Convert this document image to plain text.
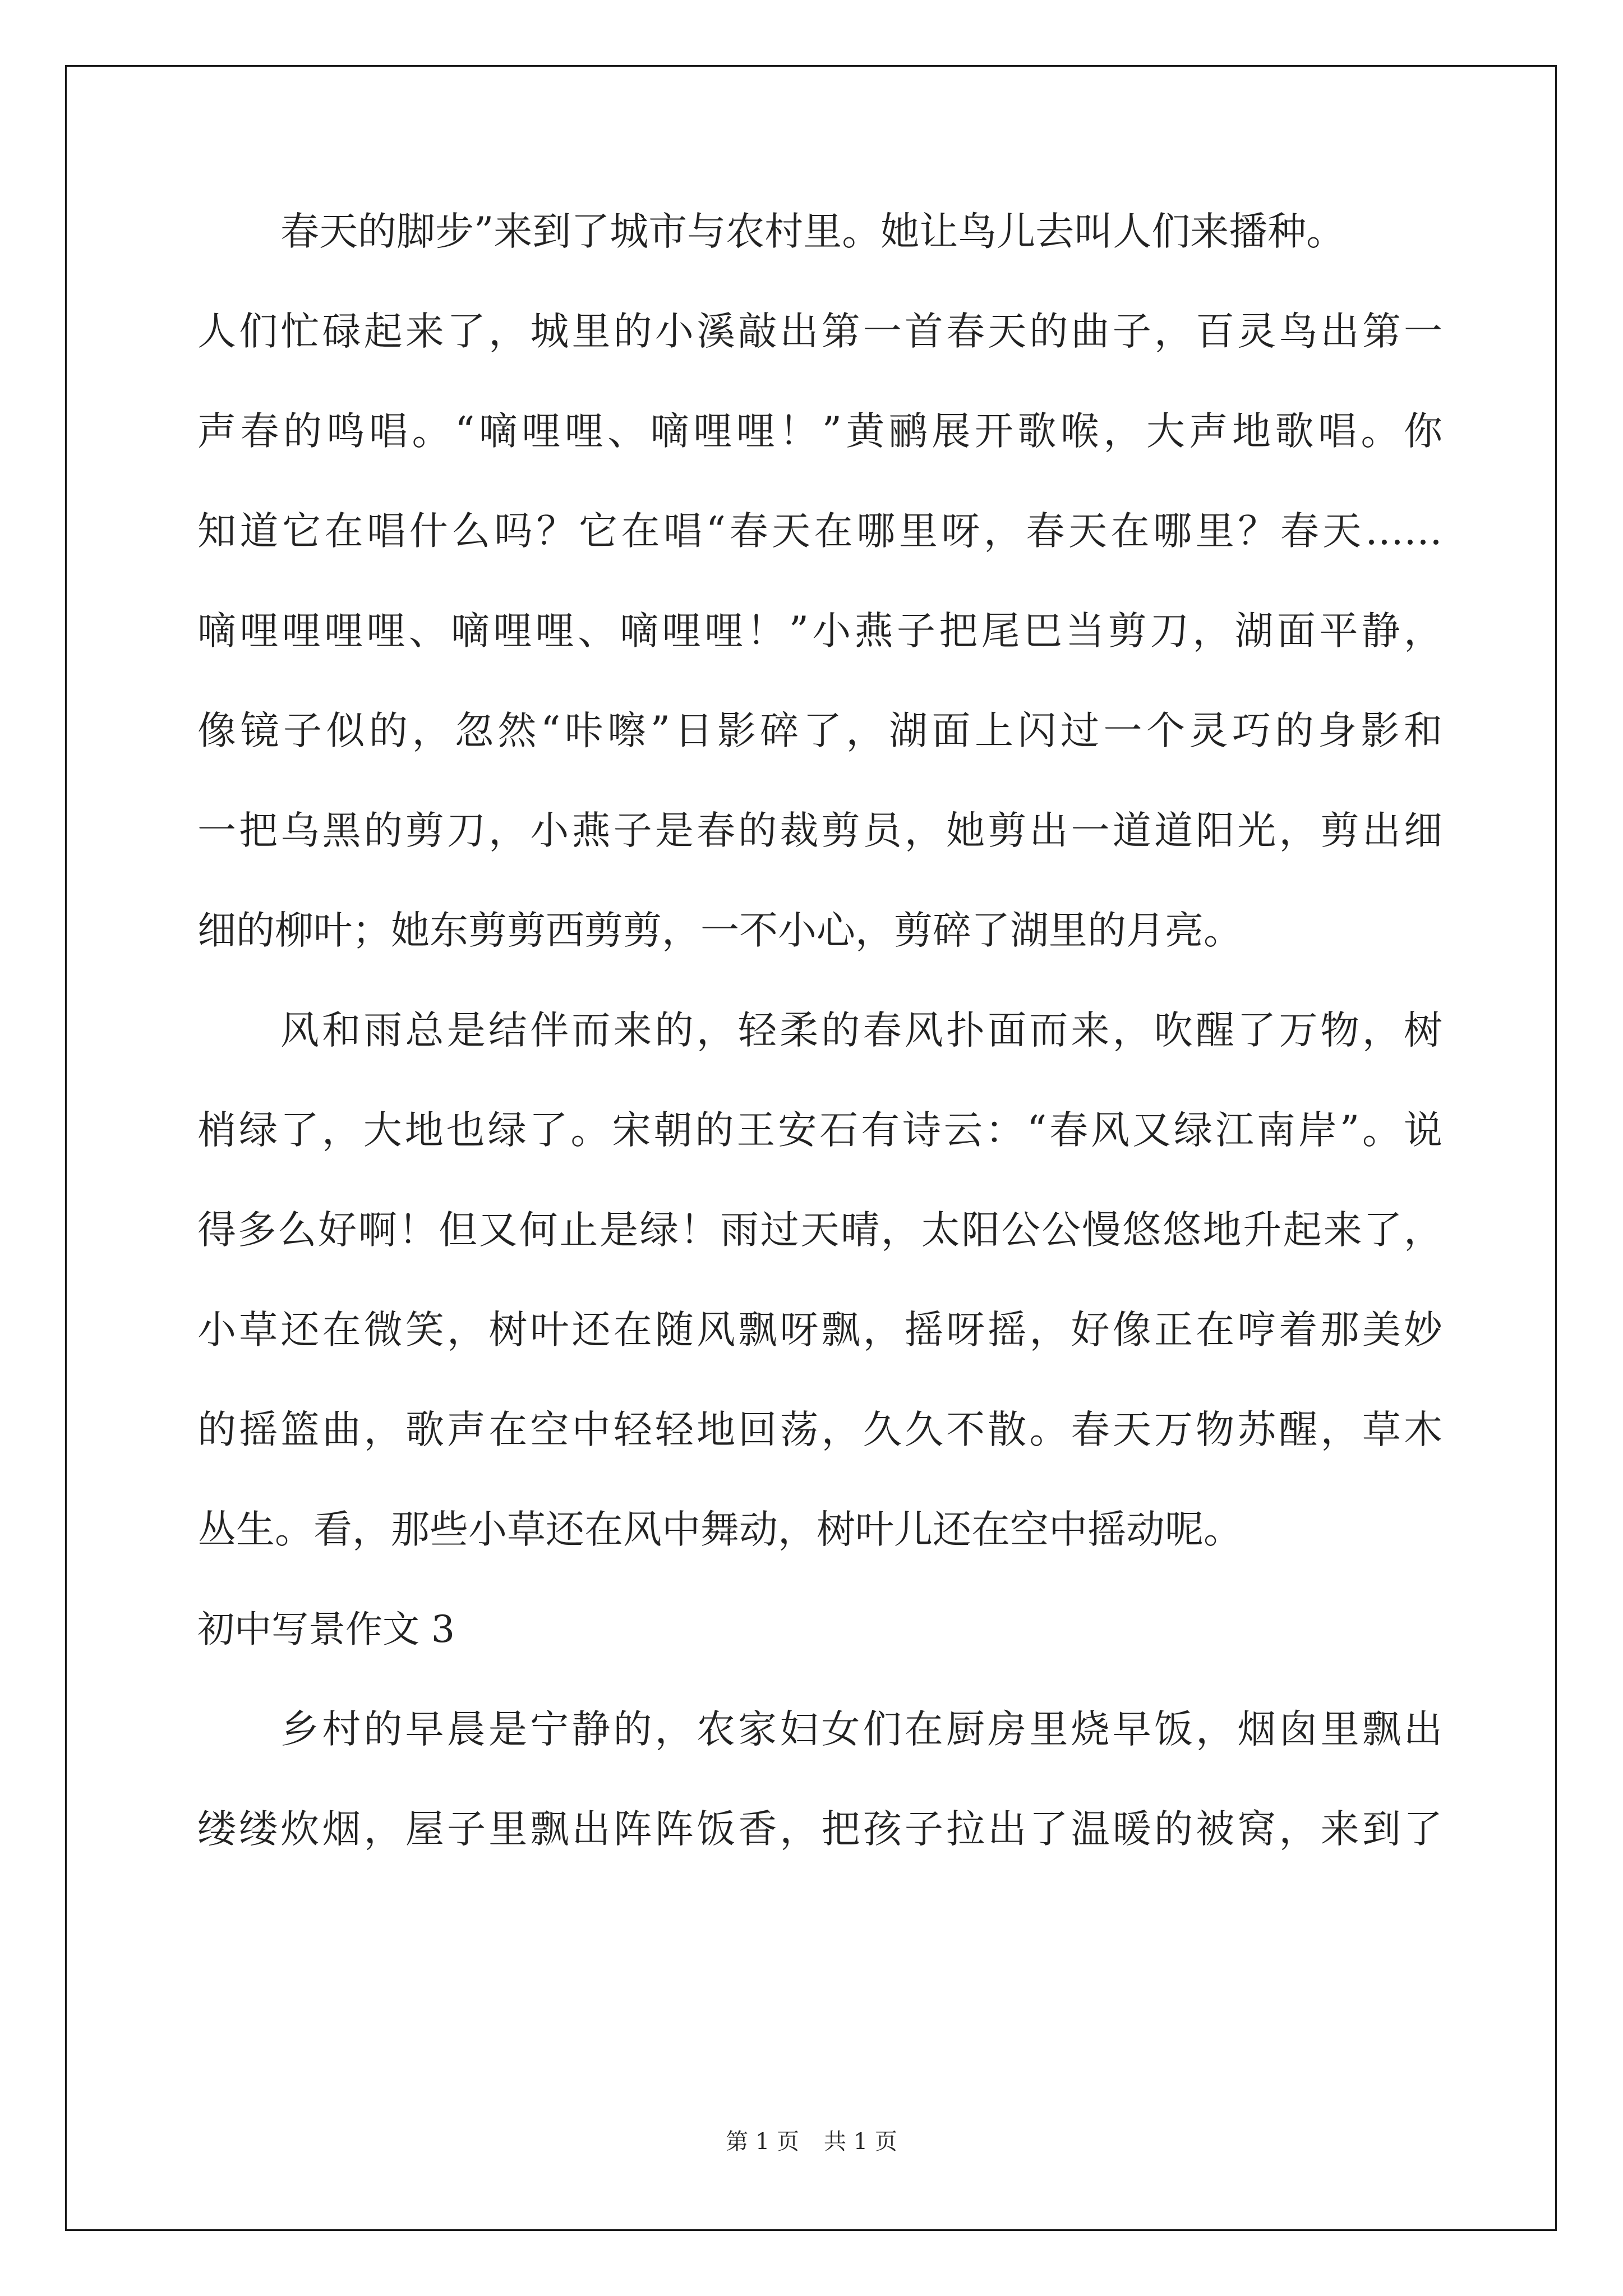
春天的脚步”来到了城市与农村里。她让鸟儿去叫人们来播种。

人们忙碌起来了，城里的小溪敲出第一首春天的曲子，百灵鸟出第一

声春的鸣唱。“嘀哩哩、嘀哩哩！”黄鹂展开歌喉，大声地歌唱。你

知道它在唱什么吗？它在唱“春天在哪里呀，春天在哪里？春天……

嘀哩哩哩哩、嘀哩哩、嘀哩哩！”小燕子把尾巴当剪刀，湖面平静，

像镜子似的，忽然“咔嚓”日影碎了，湖面上闪过一个灵巧的身影和

一把乌黑的剪刀，小燕子是春的裁剪员，她剪出一道道阳光，剪出细

细的柳叶；她东剪剪西剪剪，一不小心，剪碎了湖里的月亮。

风和雨总是结伴而来的，轻柔的春风扑面而来，吹醒了万物，树

梢绿了，大地也绿了。宋朝的王安石有诗云：“春风又绿江南岸”。说

得多么好啊！但又何止是绿！雨过天晴，太阳公公慢悠悠地升起来了，

小草还在微笑，树叶还在随风飘呀飘，摇呀摇，好像正在哼着那美妙

的摇篮曲，歌声在空中轻轻地回荡，久久不散。春天万物苏醒，草木

丛生。看，那些小草还在风中舞动，树叶儿还在空中摇动呢。

初中写景作文 3

乡村的早晨是宁静的，农家妇女们在厨房里烧早饭，烟囱里飘出

缕缕炊烟，屋子里飘出阵阵饭香，把孩子拉出了温暖的被窝，来到了

第 1 页 共 1 页
